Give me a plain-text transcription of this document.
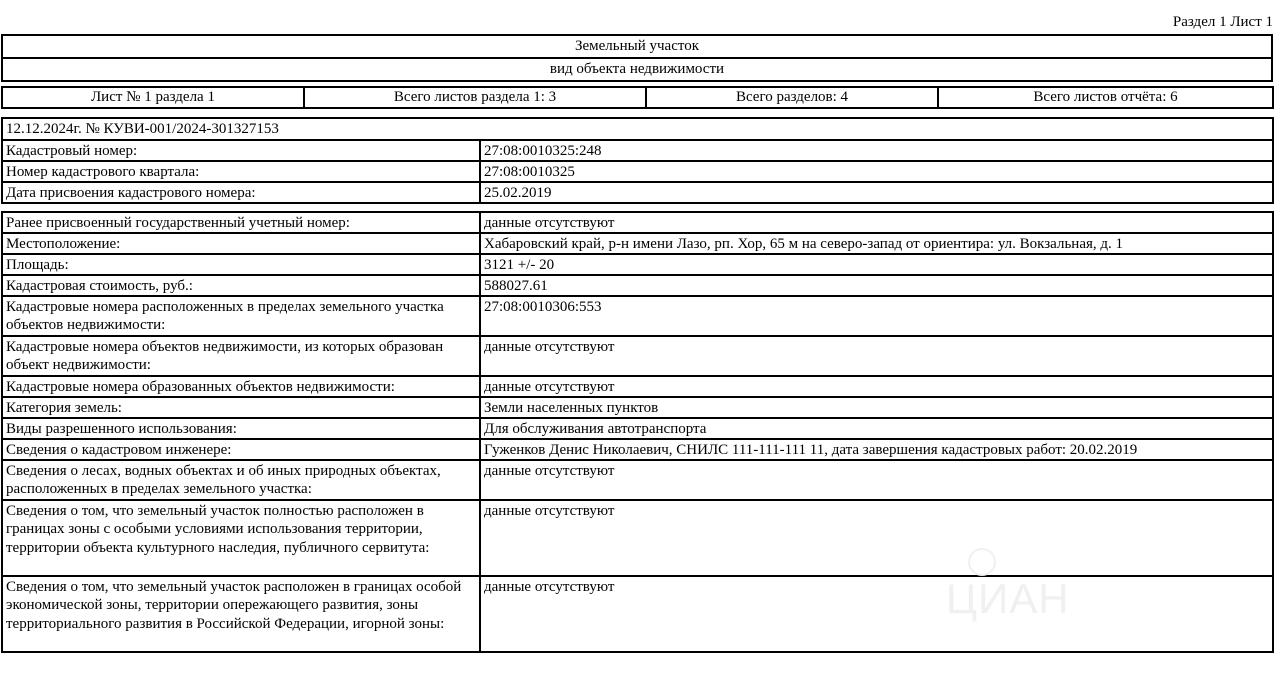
Раздел 1 Лист 1
Земельный участок
вид объекта недвижимости
Лист № 1 раздела 1	Всего листов раздела 1: 3	Всего разделов: 4	Всего листов отчёта: 6
12.12.2024г. № КУВИ-001/2024-301327153
Кадастровый номер:	27:08:0010325:248
Номер кадастрового квартала:	27:08:0010325
Дата присвоения кадастрового номера:	25.02.2019
Ранее присвоенный государственный учетный номер:	данные отсутствуют
Местоположение:	Хабаровский край, р-н имени Лазо, рп. Хор, 65 м на северо-запад от ориентира: ул. Вокзальная, д. 1
Площадь:	3121 +/- 20
Кадастровая стоимость, руб.:	588027.61
Кадастровые номера расположенных в пределах земельного участка объектов недвижимости:
27:08:0010306:553
Кадастровые номера объектов недвижимости, из которых образован объект недвижимости:
данные отсутствуют
Кадастровые номера образованных объектов недвижимости:	данные отсутствуют
Категория земель:	Земли населенных пунктов
Виды разрешенного использования:	Для обслуживания автотранспорта
Сведения о кадастровом инженере:	Гуженков Денис Николаевич, СНИЛС 111-111-111 11, дата завершения кадастровых работ: 20.02.2019
Сведения о лесах, водных объектах и об иных природных объектах, расположенных в пределах земельного участка:
данные отсутствуют
Сведения о том, что земельный участок полностью расположен в границах зоны с особыми условиями использования территории, территории объекта культурного наследия, публичного сервитута:
данные отсутствуют
Сведения о том, что земельный участок расположен в границах особой экономической зоны, территории опережающего развития, зоны территориального развития в Российской Федерации, игорной зоны:
данные отсутствуют	ЦИАН
